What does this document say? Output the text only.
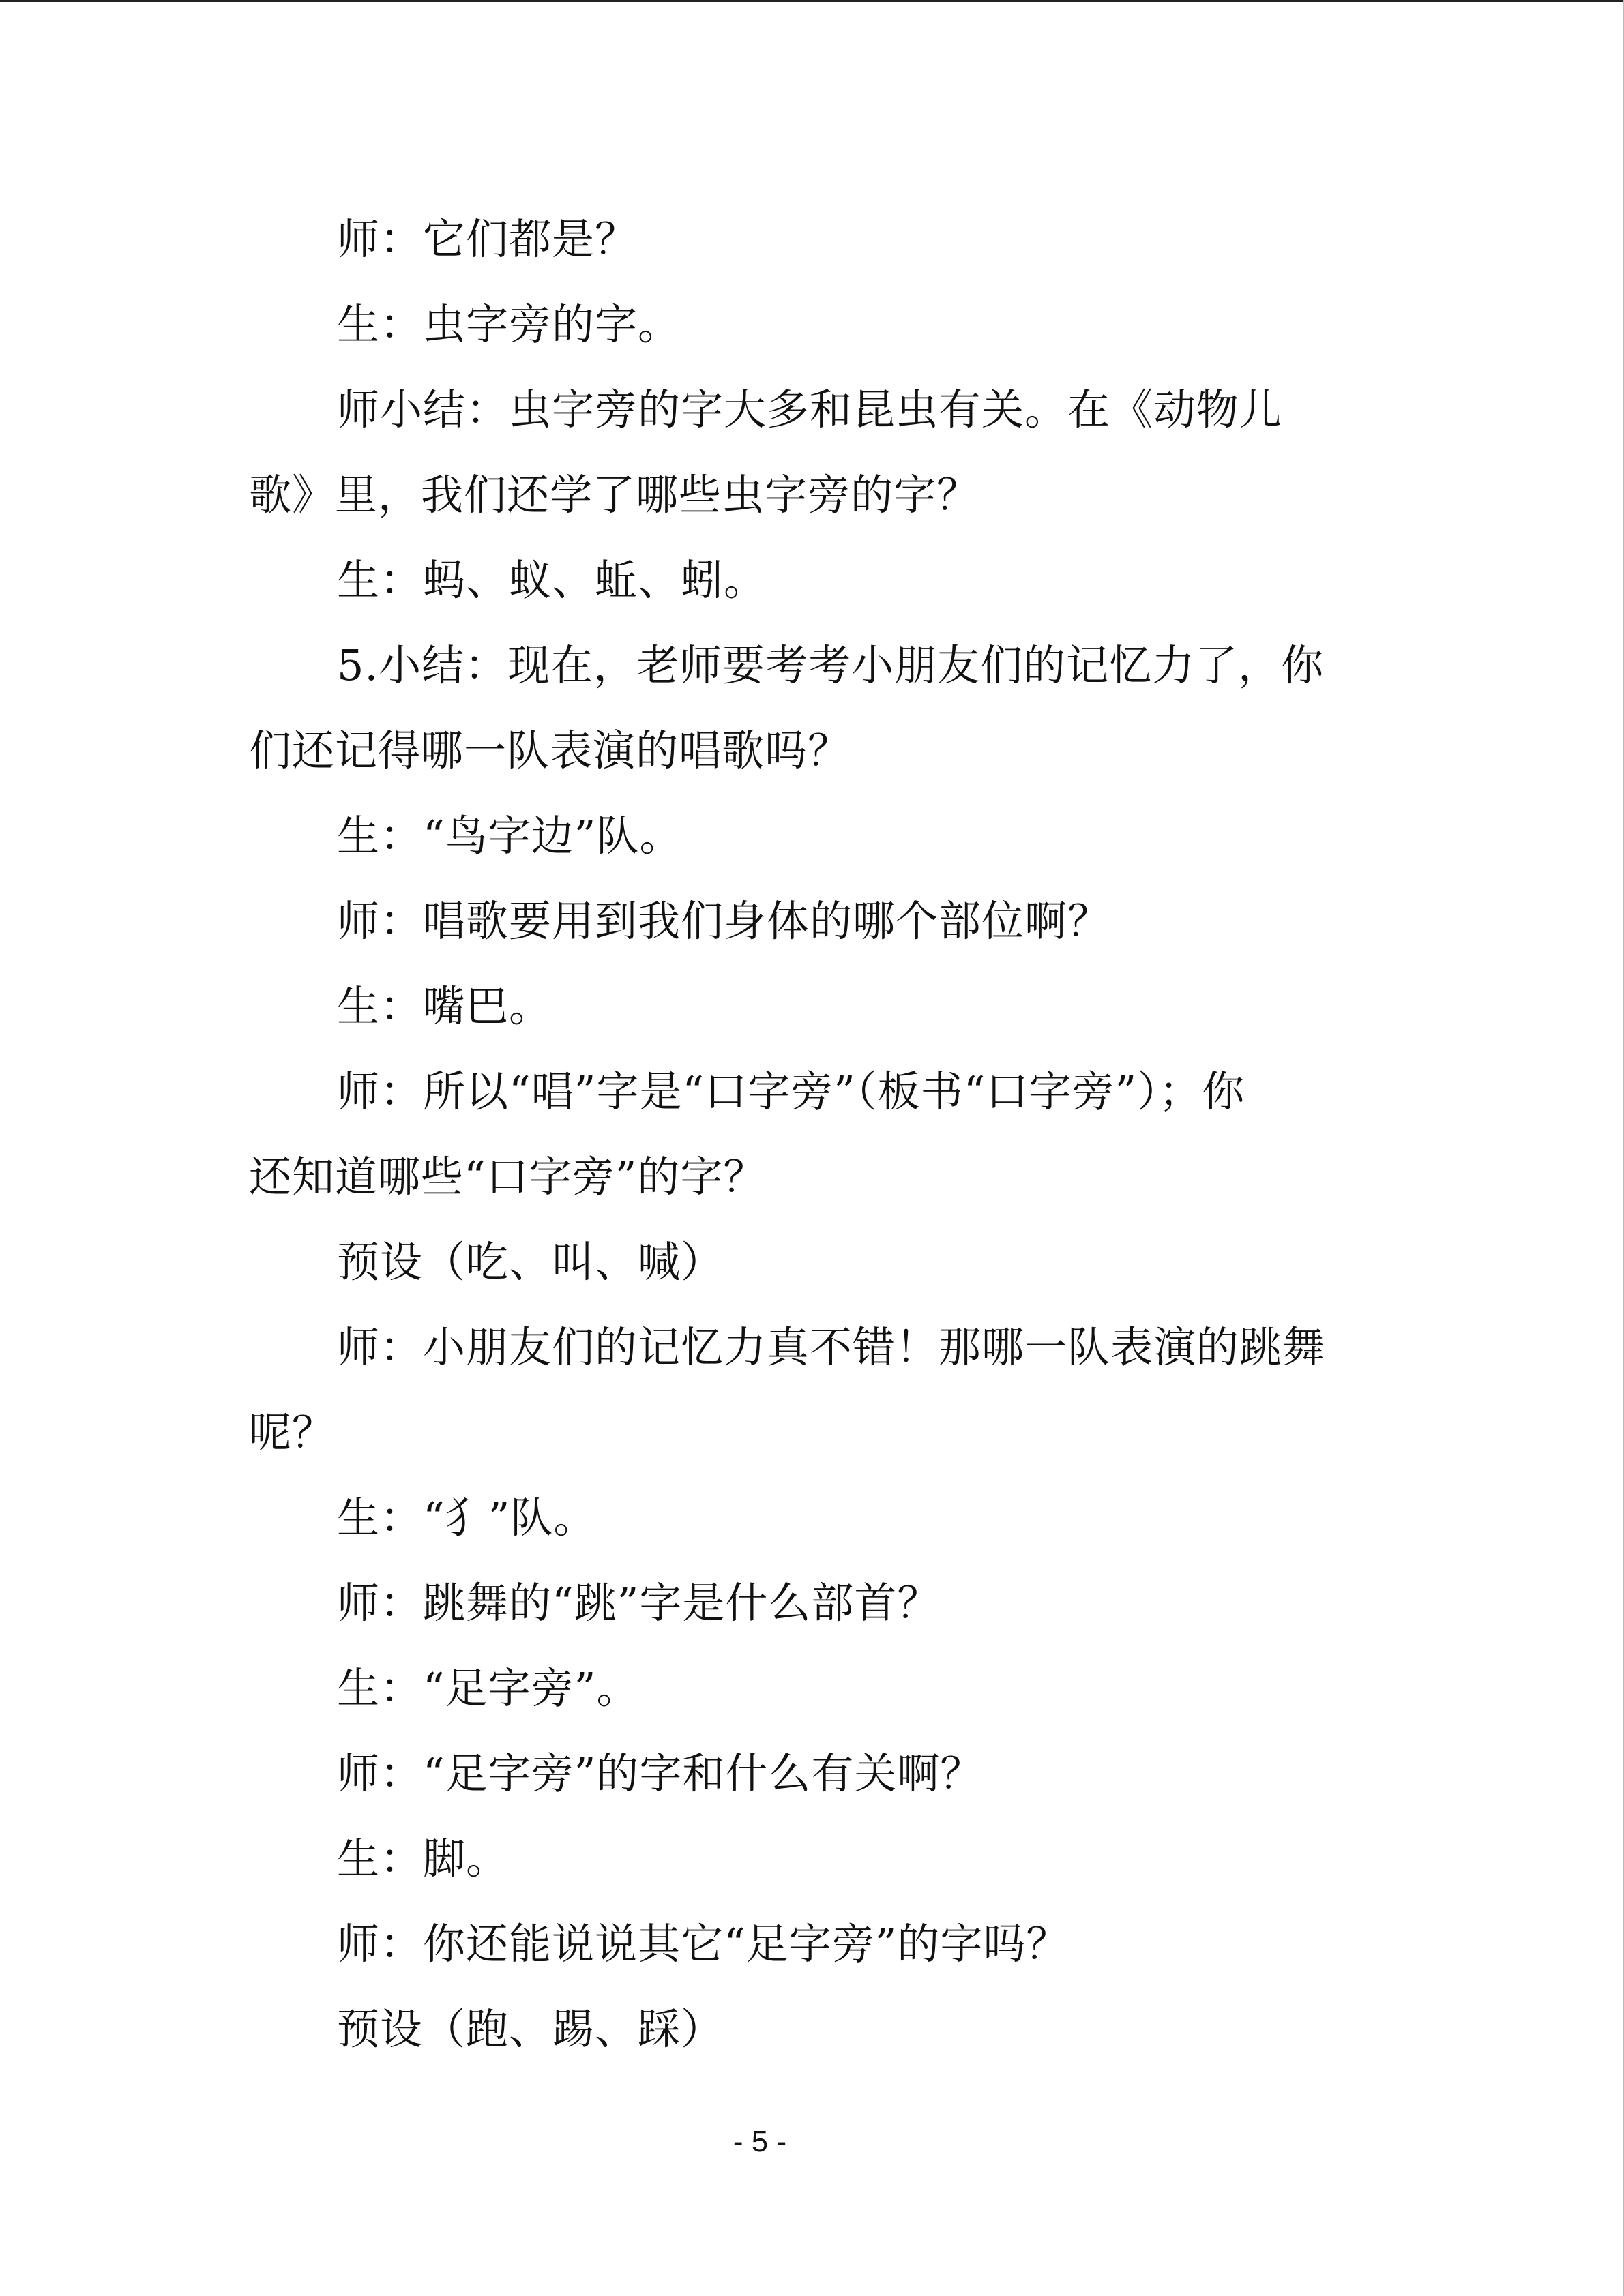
师：它们都是？
生：虫字旁的字。
师小结：虫字旁的字大多和昆虫有关。在《动物儿
歌》里，我们还学了哪些虫字旁的字？
生：蚂、蚁、蚯、蚓。
5.小结：现在，老师要考考小朋友们的记忆力了，你
们还记得哪一队表演的唱歌吗？
生：“鸟字边”队。
师：唱歌要用到我们身体的哪个部位啊？
生：嘴巴。
师：所以“唱”字是“口字旁”（板书“口字旁”）；你
还知道哪些“口字旁”的字？
预设（吃、叫、喊）
师：小朋友们的记忆力真不错！那哪一队表演的跳舞
呢？
生：“犭”队。
师：跳舞的“跳”字是什么部首？
生：“足字旁”。
师：“足字旁”的字和什么有关啊？
生：脚。
师：你还能说说其它“足字旁”的字吗？
预设（跑、踢、踩）
- 5 -
